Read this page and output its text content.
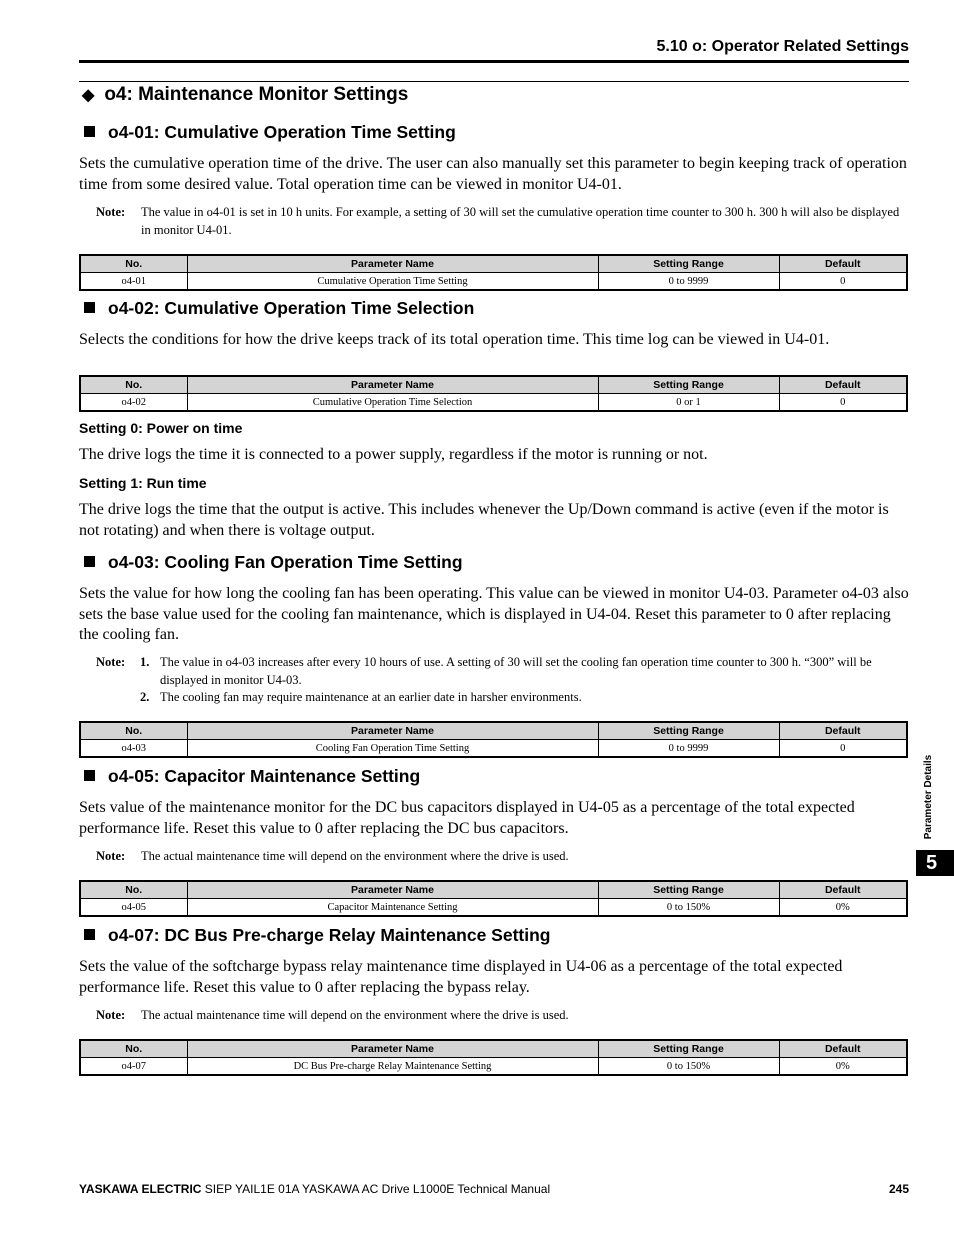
5.10 o: Operator Related Settings
◆ o4: Maintenance Monitor Settings
o4-01: Cumulative Operation Time Setting
Sets the cumulative operation time of the drive. The user can also manually set this parameter to begin keeping track of operation time from some desired value. Total operation time can be viewed in monitor U4-01.
Note: The value in o4-01 is set in 10 h units. For example, a setting of 30 will set the cumulative operation time counter to 300 h. 300 h will also be displayed in monitor U4-01.
No.	Parameter Name	Setting Range	Default
o4-01	Cumulative Operation Time Setting	0 to 9999	0
o4-02: Cumulative Operation Time Selection
Selects the conditions for how the drive keeps track of its total operation time. This time log can be viewed in U4-01.
No.	Parameter Name	Setting Range	Default
o4-02	Cumulative Operation Time Selection	0 or 1	0
Setting 0: Power on time
The drive logs the time it is connected to a power supply, regardless if the motor is running or not.
Setting 1: Run time
The drive logs the time that the output is active. This includes whenever the Up/Down command is active (even if the motor is not rotating) and when there is voltage output.
o4-03: Cooling Fan Operation Time Setting
Sets the value for how long the cooling fan has been operating. This value can be viewed in monitor U4-03. Parameter o4-03 also sets the base value used for the cooling fan maintenance, which is displayed in U4-04. Reset this parameter to 0 after replacing the cooling fan.
Note: 1. The value in o4-03 increases after every 10 hours of use. A setting of 30 will set the cooling fan operation time counter to 300 h. “300” will be displayed in monitor U4-03.
2. The cooling fan may require maintenance at an earlier date in harsher environments.
No.	Parameter Name	Setting Range	Default
o4-03	Cooling Fan Operation Time Setting	0 to 9999	0
o4-05: Capacitor Maintenance Setting
Sets value of the maintenance monitor for the DC bus capacitors displayed in U4-05 as a percentage of the total expected performance life. Reset this value to 0 after replacing the DC bus capacitors.
Note: The actual maintenance time will depend on the environment where the drive is used.
No.	Parameter Name	Setting Range	Default
o4-05	Capacitor Maintenance Setting	0 to 150%	0%
o4-07: DC Bus Pre-charge Relay Maintenance Setting
Sets the value of the softcharge bypass relay maintenance time displayed in U4-06 as a percentage of the total expected performance life. Reset this value to 0 after replacing the bypass relay.
Note: The actual maintenance time will depend on the environment where the drive is used.
No.	Parameter Name	Setting Range	Default
o4-07	DC Bus Pre-charge Relay Maintenance Setting	0 to 150%	0%
Parameter Details
5
YASKAWA ELECTRIC SIEP YAIL1E 01A YASKAWA AC Drive L1000E Technical Manual	245
